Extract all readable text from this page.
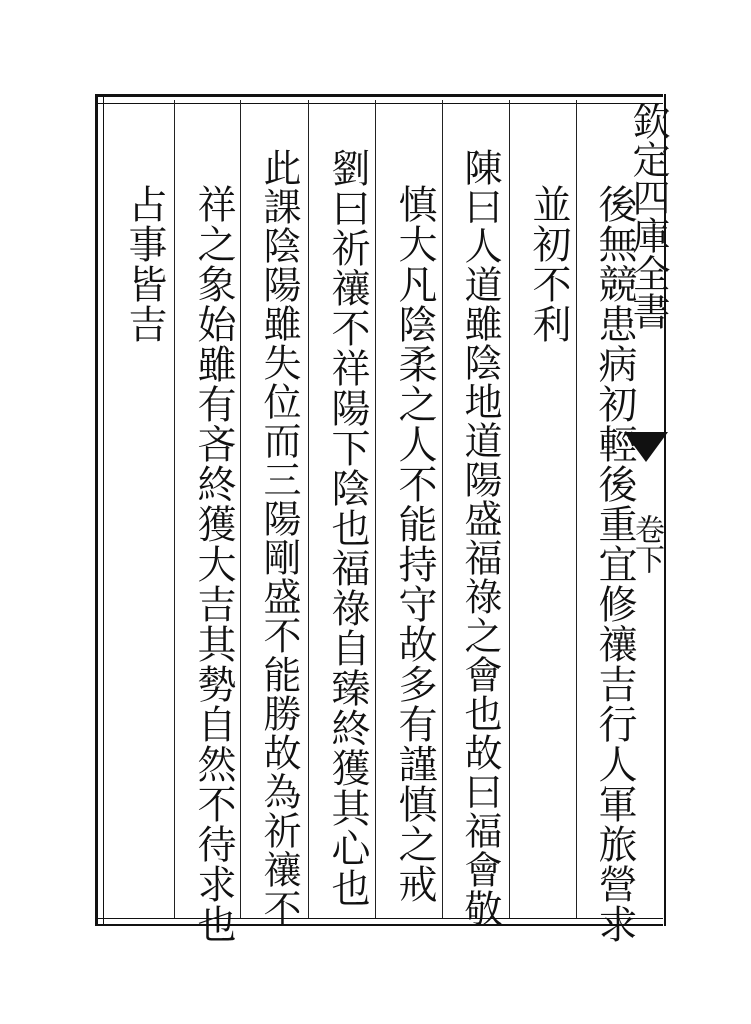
欽定四庫全書
卷下
後無競患病初輕後重宜修禳吉行人軍旅營求
並初不利
陳曰人道雖陰地道陽盛福祿之會也故曰福會敬
慎大凡陰柔之人不能持守故多有謹慎之戒
劉曰祈禳不祥陽下陰也福祿自臻終獲其心也
此課陰陽雖失位而三陽剛盛不能勝故為祈禳不
祥之象始雖有吝終獲大吉其勢自然不待求也
占事皆吉
